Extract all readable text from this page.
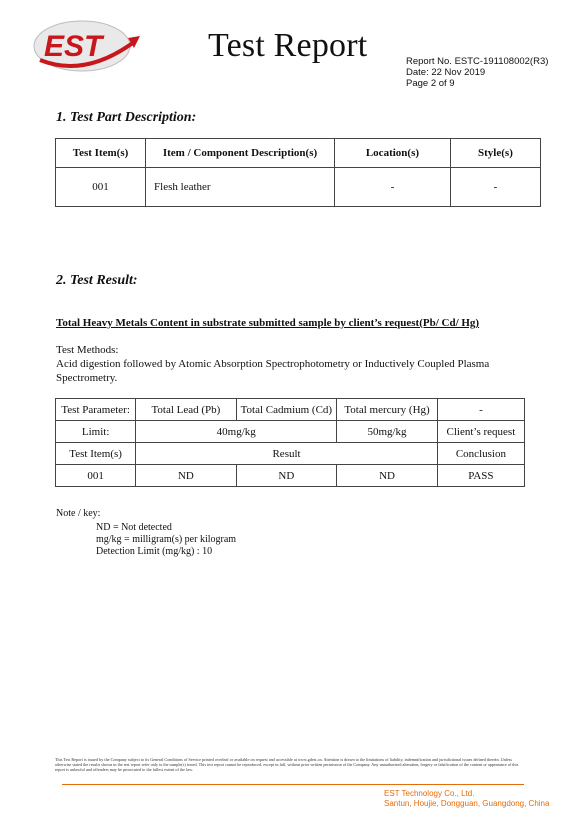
EST	Test Report	Report No. ESTC-191108002(R3)
Date: 22 Nov 2019
Page 2 of 9
1. Test Part Description:
Test Item(s)	Item / Component Description(s)	Location(s)	Style(s)
001	Flesh leather	-	-
2. Test Result:
Total Heavy Metals Content in substrate submitted sample by client’s request(Pb/ Cd/ Hg)
Test Methods:
Acid digestion followed by Atomic Absorption Spectrophotometry or Inductively Coupled Plasma Spectrometry.
Test Parameter:	Total Lead (Pb)	Total Cadmium (Cd)	Total mercury (Hg)	-
Limit:	40mg/kg		50mg/kg	Client’s request
Test Item(s)	Result			Conclusion
001	ND	ND	ND	PASS
Note / key:
ND = Not detected
mg/kg = milligram(s) per kilogram
Detection Limit (mg/kg) : 10
This Test Report is issued by the Company subject to its General Conditions of Service printed overleaf or available on request and accessible at www.gdest.cn. Attention is drawn to the limitations of liability, indemnification and jurisdictional issues defined therein. Unless otherwise stated the results shown in the test report refer only to the sample(s) tested. This test report cannot be reproduced, except in full, without prior written permission of the Company. Any unauthorized alteration, forgery or falsification of the content or appearance of this report is unlawful and offenders may be prosecuted to the fullest extent of the law.
EST Technology Co., Ltd.
Santun, Houjie, Dongguan, Guangdong, China
